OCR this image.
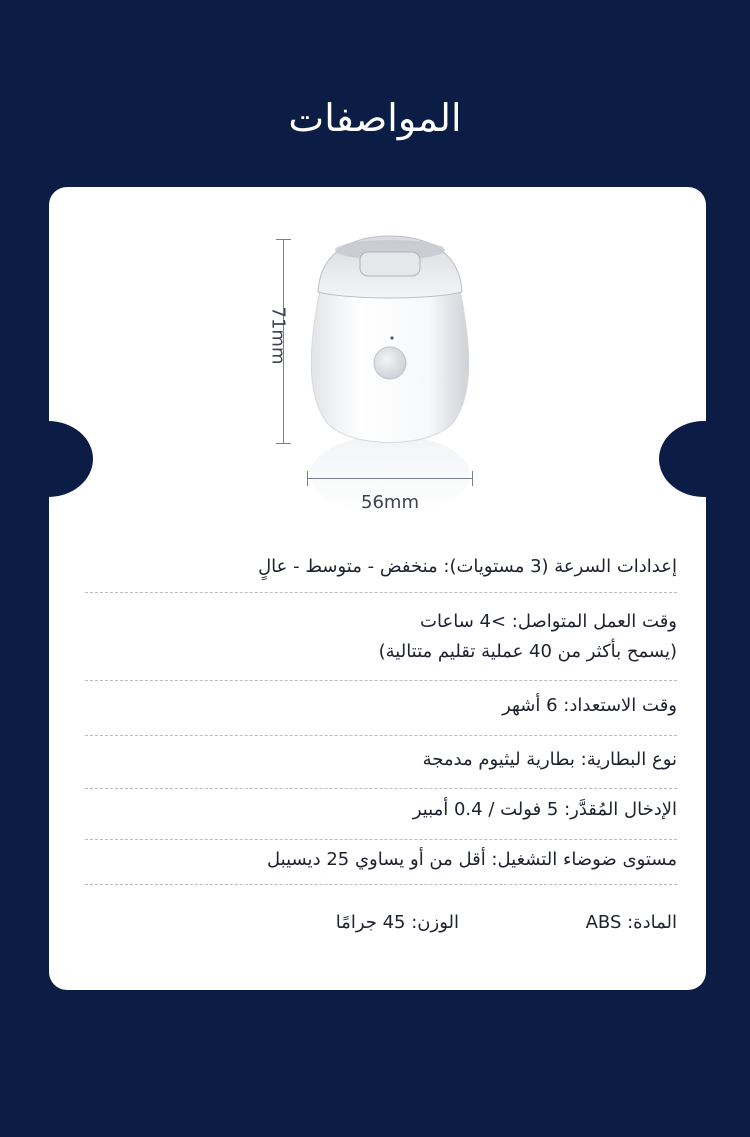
المواصفات
71mm
56mm
إعدادات السرعة (3 مستويات): منخفض - متوسط - عالٍ
وقت العمل المتواصل: >4 ساعات
(يسمح بأكثر من 40 عملية تقليم متتالية)
وقت الاستعداد: 6 أشهر
نوع البطارية: بطارية ليثيوم مدمجة
الإدخال المُقدَّر: 5 فولت / 0.4 أمبير
مستوى ضوضاء التشغيل: أقل من أو يساوي 25 ديسيبل
المادة: ABS
الوزن: 45 جرامًا
